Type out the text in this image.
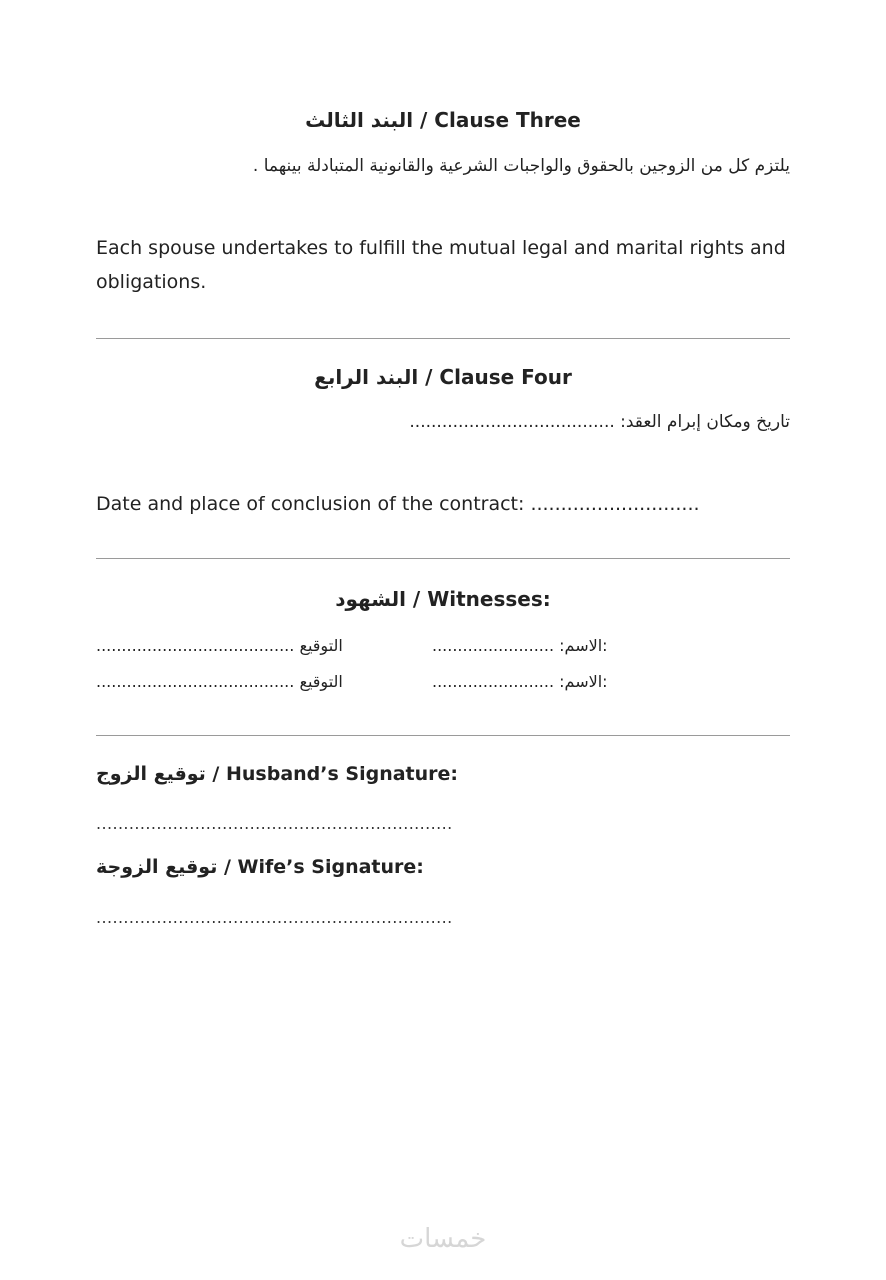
البند الثالث / Clause Three
يلتزم كل من الزوجين بالحقوق والواجبات الشرعية والقانونية المتبادلة بينهما .
Each spouse undertakes to fulfill the mutual legal and marital rights and obligations.
البند الرابع / Clause Four
تاريخ ومكان إبرام العقد: ......................................
Date and place of conclusion of the contract: ............................
الشهود / Witnesses:
التوقيع .......................................	:الاسم: ........................
التوقيع .......................................	:الاسم: ........................
توقيع الزوج / Husband’s Signature:
.................................................................
توقيع الزوجة / Wife’s Signature:
.................................................................
خمسات
